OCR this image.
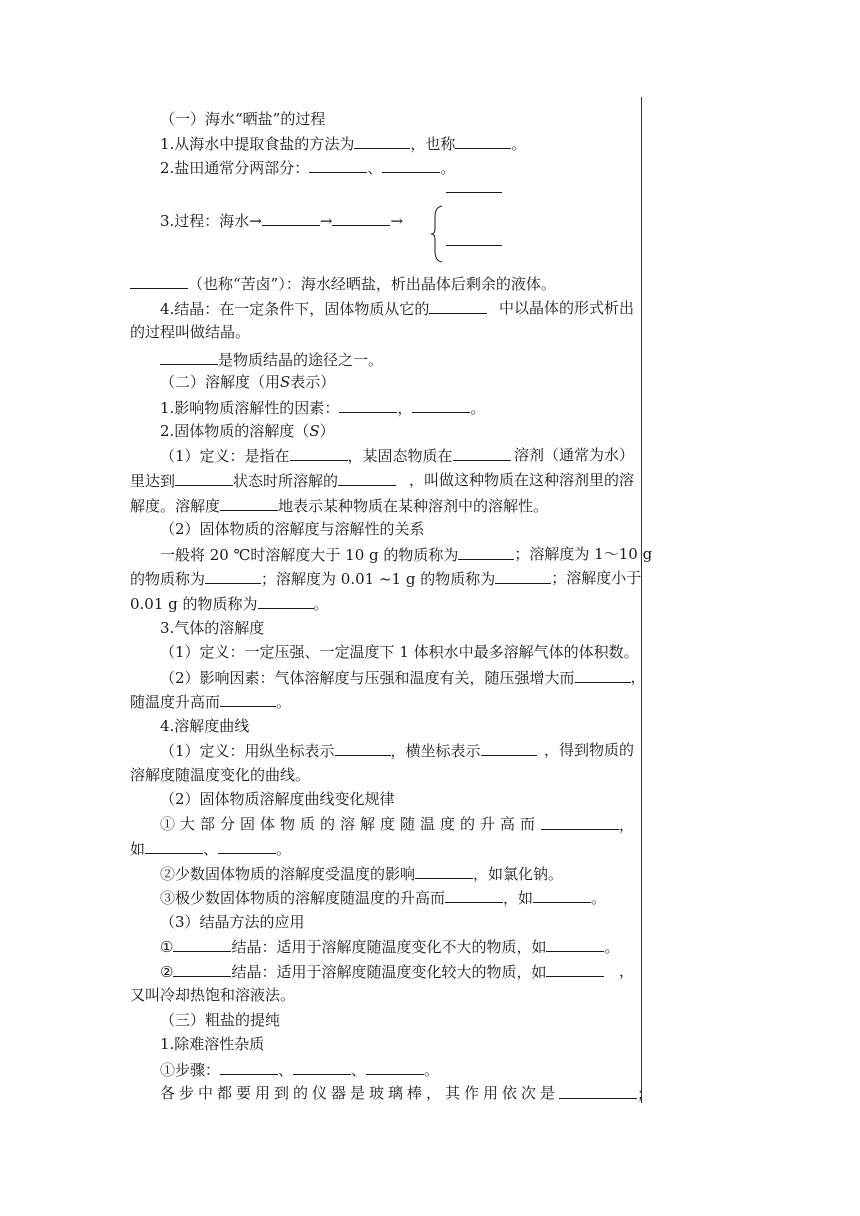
（一）海水“晒盐”的过程
1.从海水中提取食盐的方法为	，也称	。
2.盐田通常分两部分：	、	。
3.过程：海水→	→	→
（也称“苦卤”）：海水经晒盐，析出晶体后剩余的液体。
4.结晶：在一定条件下，固体物质从它的	中以晶体的形式析出
的过程叫做结晶。
是物质结晶的途径之一。
（二）溶解度（用S表示）
1.影响物质溶解性的因素：	，	。
2.固体物质的溶解度（S）
（1）定义：是指在	，某固态物质在	溶剂（通常为水）
里达到	状态时所溶解的	，叫做这种物质在这种溶剂里的溶
解度。溶解度	地表示某种物质在某种溶剂中的溶解性。
（2）固体物质的溶解度与溶解性的关系
一般将 20 ℃时溶解度大于 10 g 的物质称为	；溶解度为 1～10 g
的物质称为	；溶解度为 0.01 ~1 g 的物质称为	；溶解度小于
0.01 g 的物质称为	。
3.气体的溶解度
（1）定义：一定压强、一定温度下 1 体积水中最多溶解气体的体积数。
（2）影响因素：气体溶解度与压强和温度有关，随压强增大而	，
随温度升高而	。
4.溶解度曲线
（1）定义：用纵坐标表示	，横坐标表示	，得到物质的
溶解度随温度变化的曲线。
（2）固体物质溶解度曲线变化规律
①大部分固体物质的溶解度随温度的升高而	，
如	、	。
②少数固体物质的溶解度受温度的影响	，如氯化钠。
③极少数固体物质的溶解度随温度的升高而	，如	。
（3）结晶方法的应用
①	结晶：适用于溶解度随温度变化不大的物质，如	。
②	结晶：适用于溶解度随温度变化较大的物质，如	，
又叫冷却热饱和溶液法。
（三）粗盐的提纯
1.除难溶性杂质
①步骤：	、	、	。
各步中都要用到的仪器是玻璃棒，其作用依次是	；
